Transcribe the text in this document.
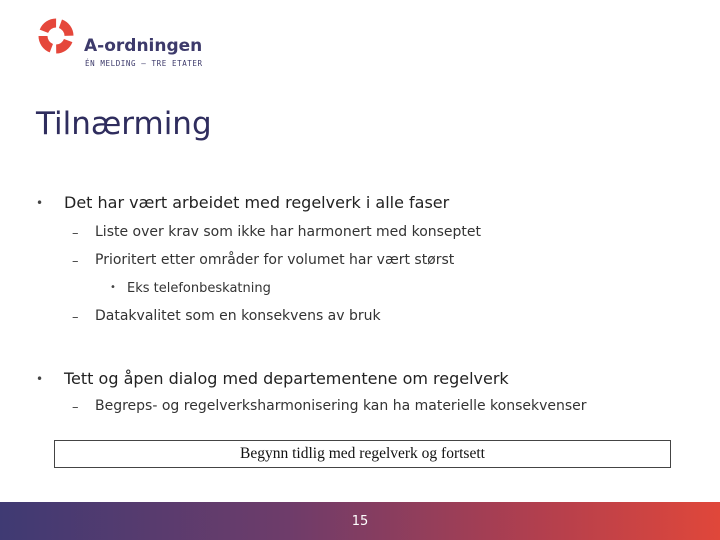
A-ordningen
ÉN MELDING – TRE ETATER
Tilnærming
• Det har vært arbeidet med regelverk i alle faser
– Liste over krav som ikke har harmonert med konseptet
– Prioritert etter områder for volumet har vært størst
• Eks telefonbeskatning
– Datakvalitet som en konsekvens av bruk
• Tett og åpen dialog med departementene om regelverk
– Begreps- og regelverksharmonisering kan ha materielle konsekvenser
Begynn tidlig med regelverk og fortsett
15
